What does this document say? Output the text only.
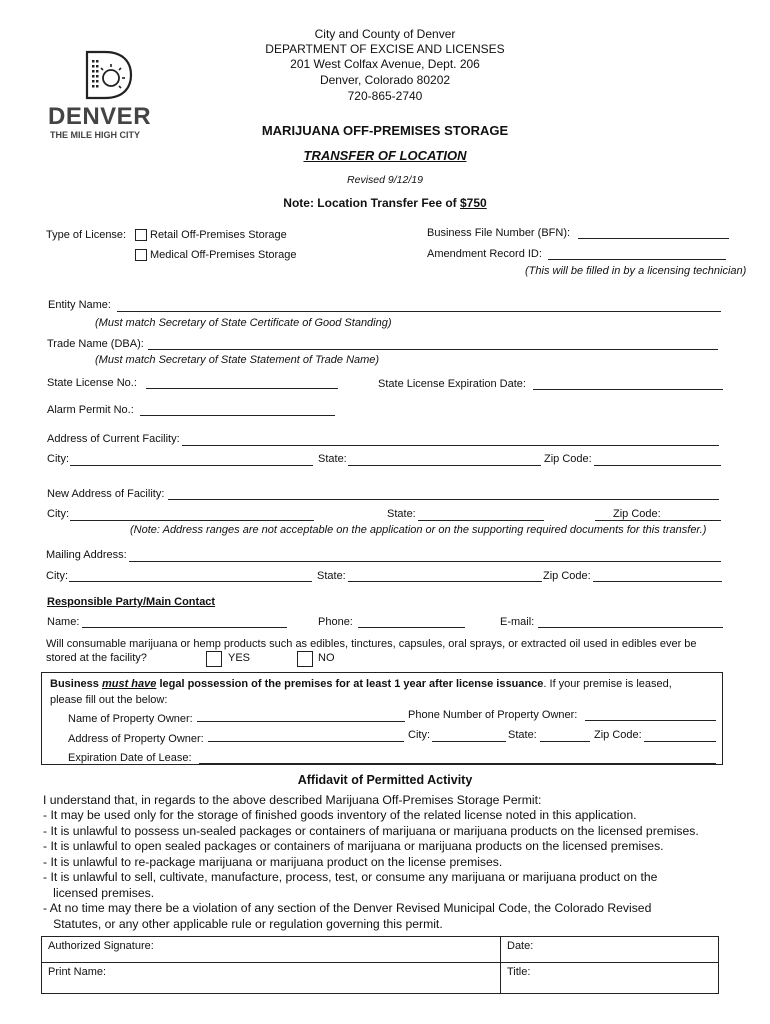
City and County of Denver
DEPARTMENT OF EXCISE AND LICENSES
201 West Colfax Avenue, Dept. 206
Denver, Colorado 80202
720-865-2740
DENVER
THE MILE HIGH CITY	MARIJUANA OFF-PREMISES STORAGE
TRANSFER OF LOCATION
Revised 9/12/19
Note: Location Transfer Fee of $750
Type of License: Retail Off-Premises Storage
Medical Off-Premises Storage
Business File Number (BFN):
Amendment Record ID:
(This will be filled in by a licensing technician)
Entity Name:
(Must match Secretary of State Certificate of Good Standing)
Trade Name (DBA):
(Must match Secretary of State Statement of Trade Name)
State License No.:	State License Expiration Date:
Alarm Permit No.:
Address of Current Facility:
City:	State:	Zip Code:
New Address of Facility:
City:	State:	Zip Code:
(Note: Address ranges are not acceptable on the application or on the supporting required documents for this transfer.)
Mailing Address:
City:	State:	Zip Code:
Responsible Party/Main Contact
Name:	Phone:	E-mail:
Will consumable marijuana or hemp products such as edibles, tinctures, capsules, oral sprays, or extracted oil used in edibles ever be
stored at the facility?	YES	NO
Business must have legal possession of the premises for at least 1 year after license issuance. If your premise is leased,
please fill out the below:
Name of Property Owner:	Phone Number of Property Owner:
Address of Property Owner:	City:	State:	Zip Code:
Expiration Date of Lease:
Affidavit of Permitted Activity
I understand that, in regards to the above described Marijuana Off-Premises Storage Permit:
- It may be used only for the storage of finished goods inventory of the related license noted in this application.
- It is unlawful to possess un-sealed packages or containers of marijuana or marijuana products on the licensed premises.
- It is unlawful to open sealed packages or containers of marijuana or marijuana products on the licensed premises.
- It is unlawful to re-package marijuana or marijuana product on the license premises.
- It is unlawful to sell, cultivate, manufacture, process, test, or consume any marijuana or marijuana product on the
licensed premises.
- At no time may there be a violation of any section of the Denver Revised Municipal Code, the Colorado Revised
Statutes, or any other applicable rule or regulation governing this permit.
Authorized Signature:	Date:
Print Name:	Title:
